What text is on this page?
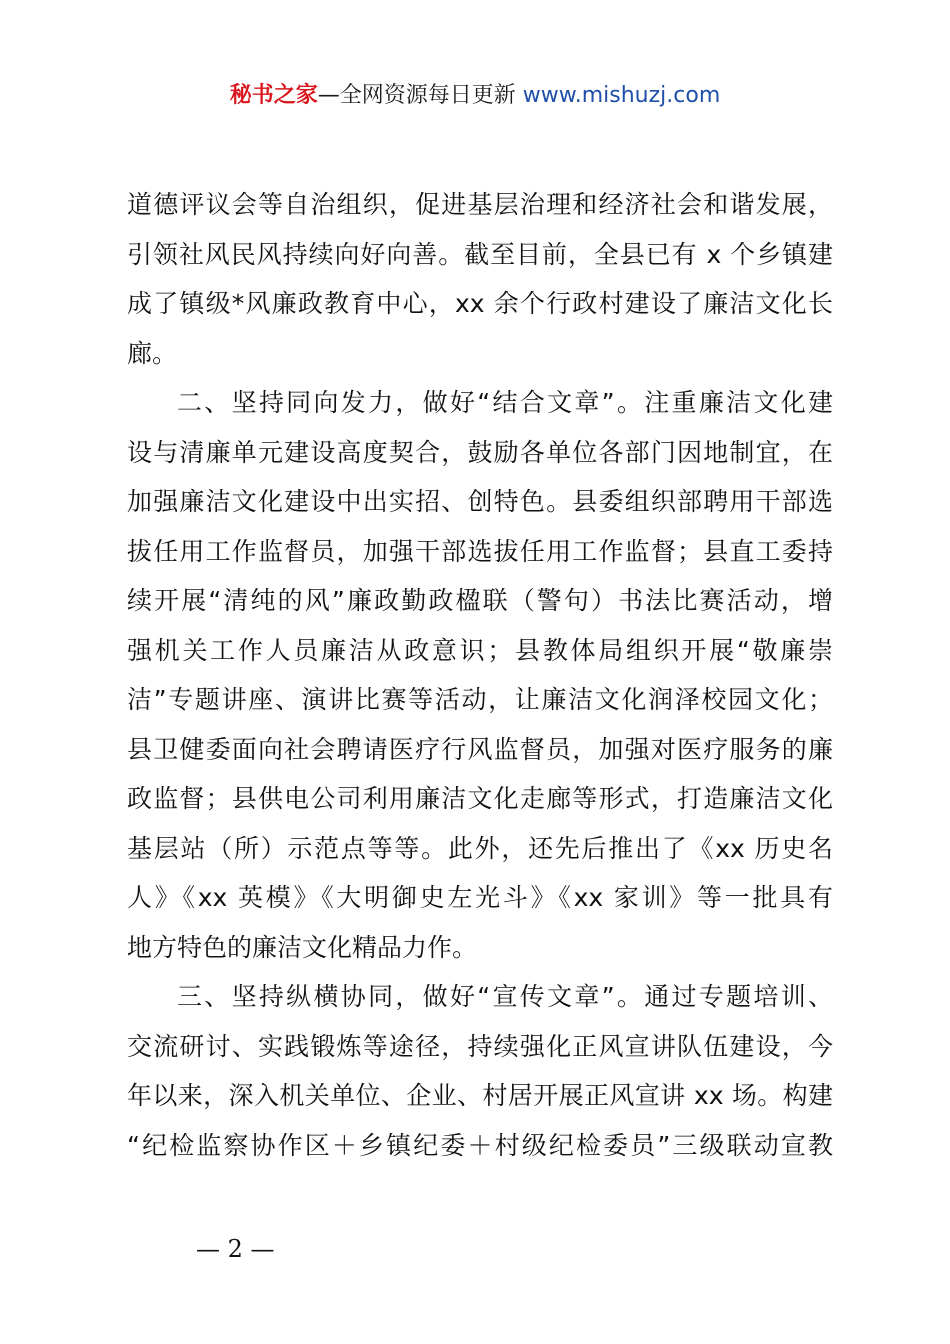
秘书之家—全网资源每日更新 www.mishuzj.com
道德评议会等自治组织，促进基层治理和经济社会和谐发展，
引领社风民风持续向好向善。截至目前，全县已有 x 个乡镇建
成了镇级*风廉政教育中心，xx 余个行政村建设了廉洁文化长
廊。
二、坚持同向发力，做好“结合文章”。注重廉洁文化建
设与清廉单元建设高度契合，鼓励各单位各部门因地制宜，在
加强廉洁文化建设中出实招、创特色。县委组织部聘用干部选
拔任用工作监督员，加强干部选拔任用工作监督；县直工委持
续开展“清纯的风”廉政勤政楹联（警句）书法比赛活动，增
强机关工作人员廉洁从政意识；县教体局组织开展“敬廉崇
洁”专题讲座、演讲比赛等活动，让廉洁文化润泽校园文化；
县卫健委面向社会聘请医疗行风监督员，加强对医疗服务的廉
政监督；县供电公司利用廉洁文化走廊等形式，打造廉洁文化
基层站（所）示范点等等。此外，还先后推出了《xx 历史名
人》《xx 英模》《大明御史左光斗》《xx 家训》等一批具有
地方特色的廉洁文化精品力作。
三、坚持纵横协同，做好“宣传文章”。通过专题培训、
交流研讨、实践锻炼等途径，持续强化正风宣讲队伍建设，今
年以来，深入机关单位、企业、村居开展正风宣讲 xx 场。构建
“纪检监察协作区＋乡镇纪委＋村级纪检委员”三级联动宣教
— 2 —
